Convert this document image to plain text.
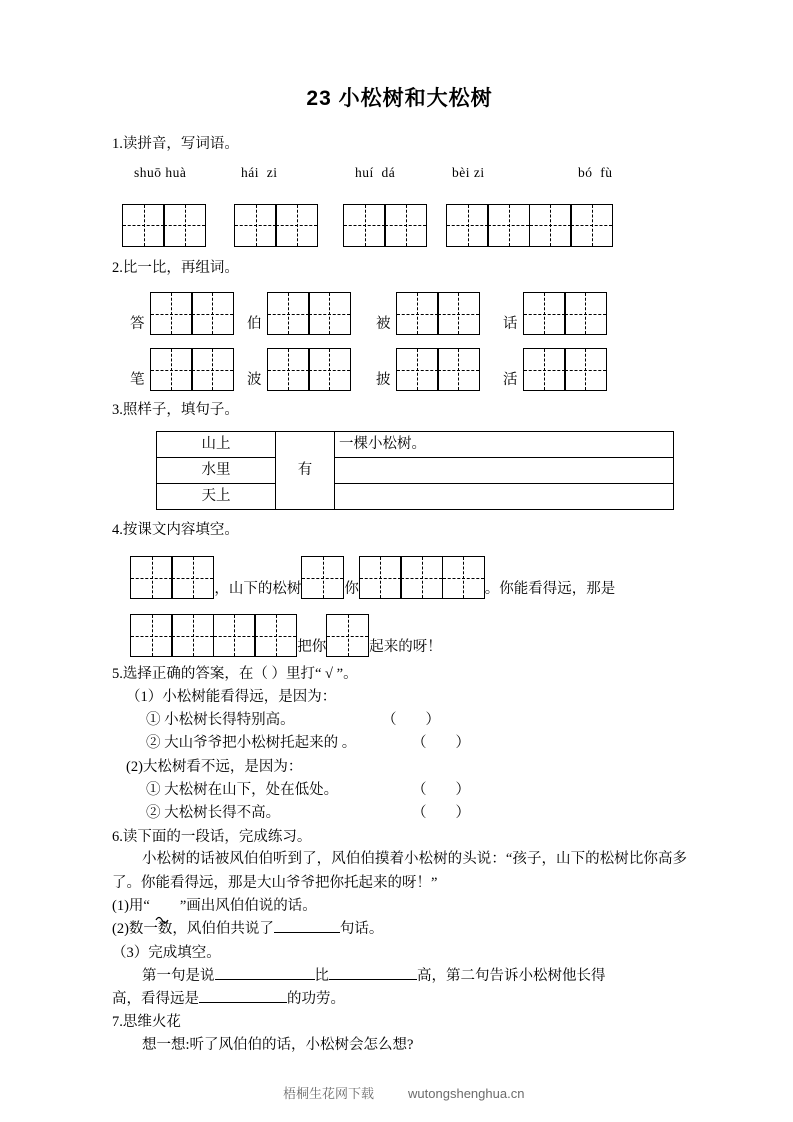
23 小松树和大松树
1.读拼音，写词语。
shuō huà	hái  zi	huí  dá	bèi zi	bó  fù
2.比一比，再组词。
答	伯	被	话
笔	波	披	活
3.照样子，填句子。
山上	有	一棵小松树。
水里		
天上		
4.按课文内容填空。
，山下的松树	你	。你能看得远，那是
把你	起来的呀！
5.选择正确的答案，在（ ）里打“ √ ”。
（1）小松树能看得远，是因为：
① 小松树长得特别高。	（        ）
② 大山爷爷把小松树托起来的 。	（        ）
(2)大松树看不远，是因为：
① 大松树在山下，处在低处。	（        ）
② 大松树长得不高。	（        ）
6.读下面的一段话，完成练习。
小松树的话被风伯伯听到了，风伯伯摸着小松树的头说：“孩子，山下的松树比你高多了。你能看得远，那是大山爷爷把你托起来的呀！”
(1)用“ ”画出风伯伯说的话。
(2)数一数，风伯伯共说了	句话。
（3）完成填空。
第一句是说	比	高，第二句告诉小松树他长得
高，看得远是	的功劳。
7.思维火花
想一想:听了风伯伯的话，小松树会怎么想?

梧桐生花网下载	wutongshenghua.cn
